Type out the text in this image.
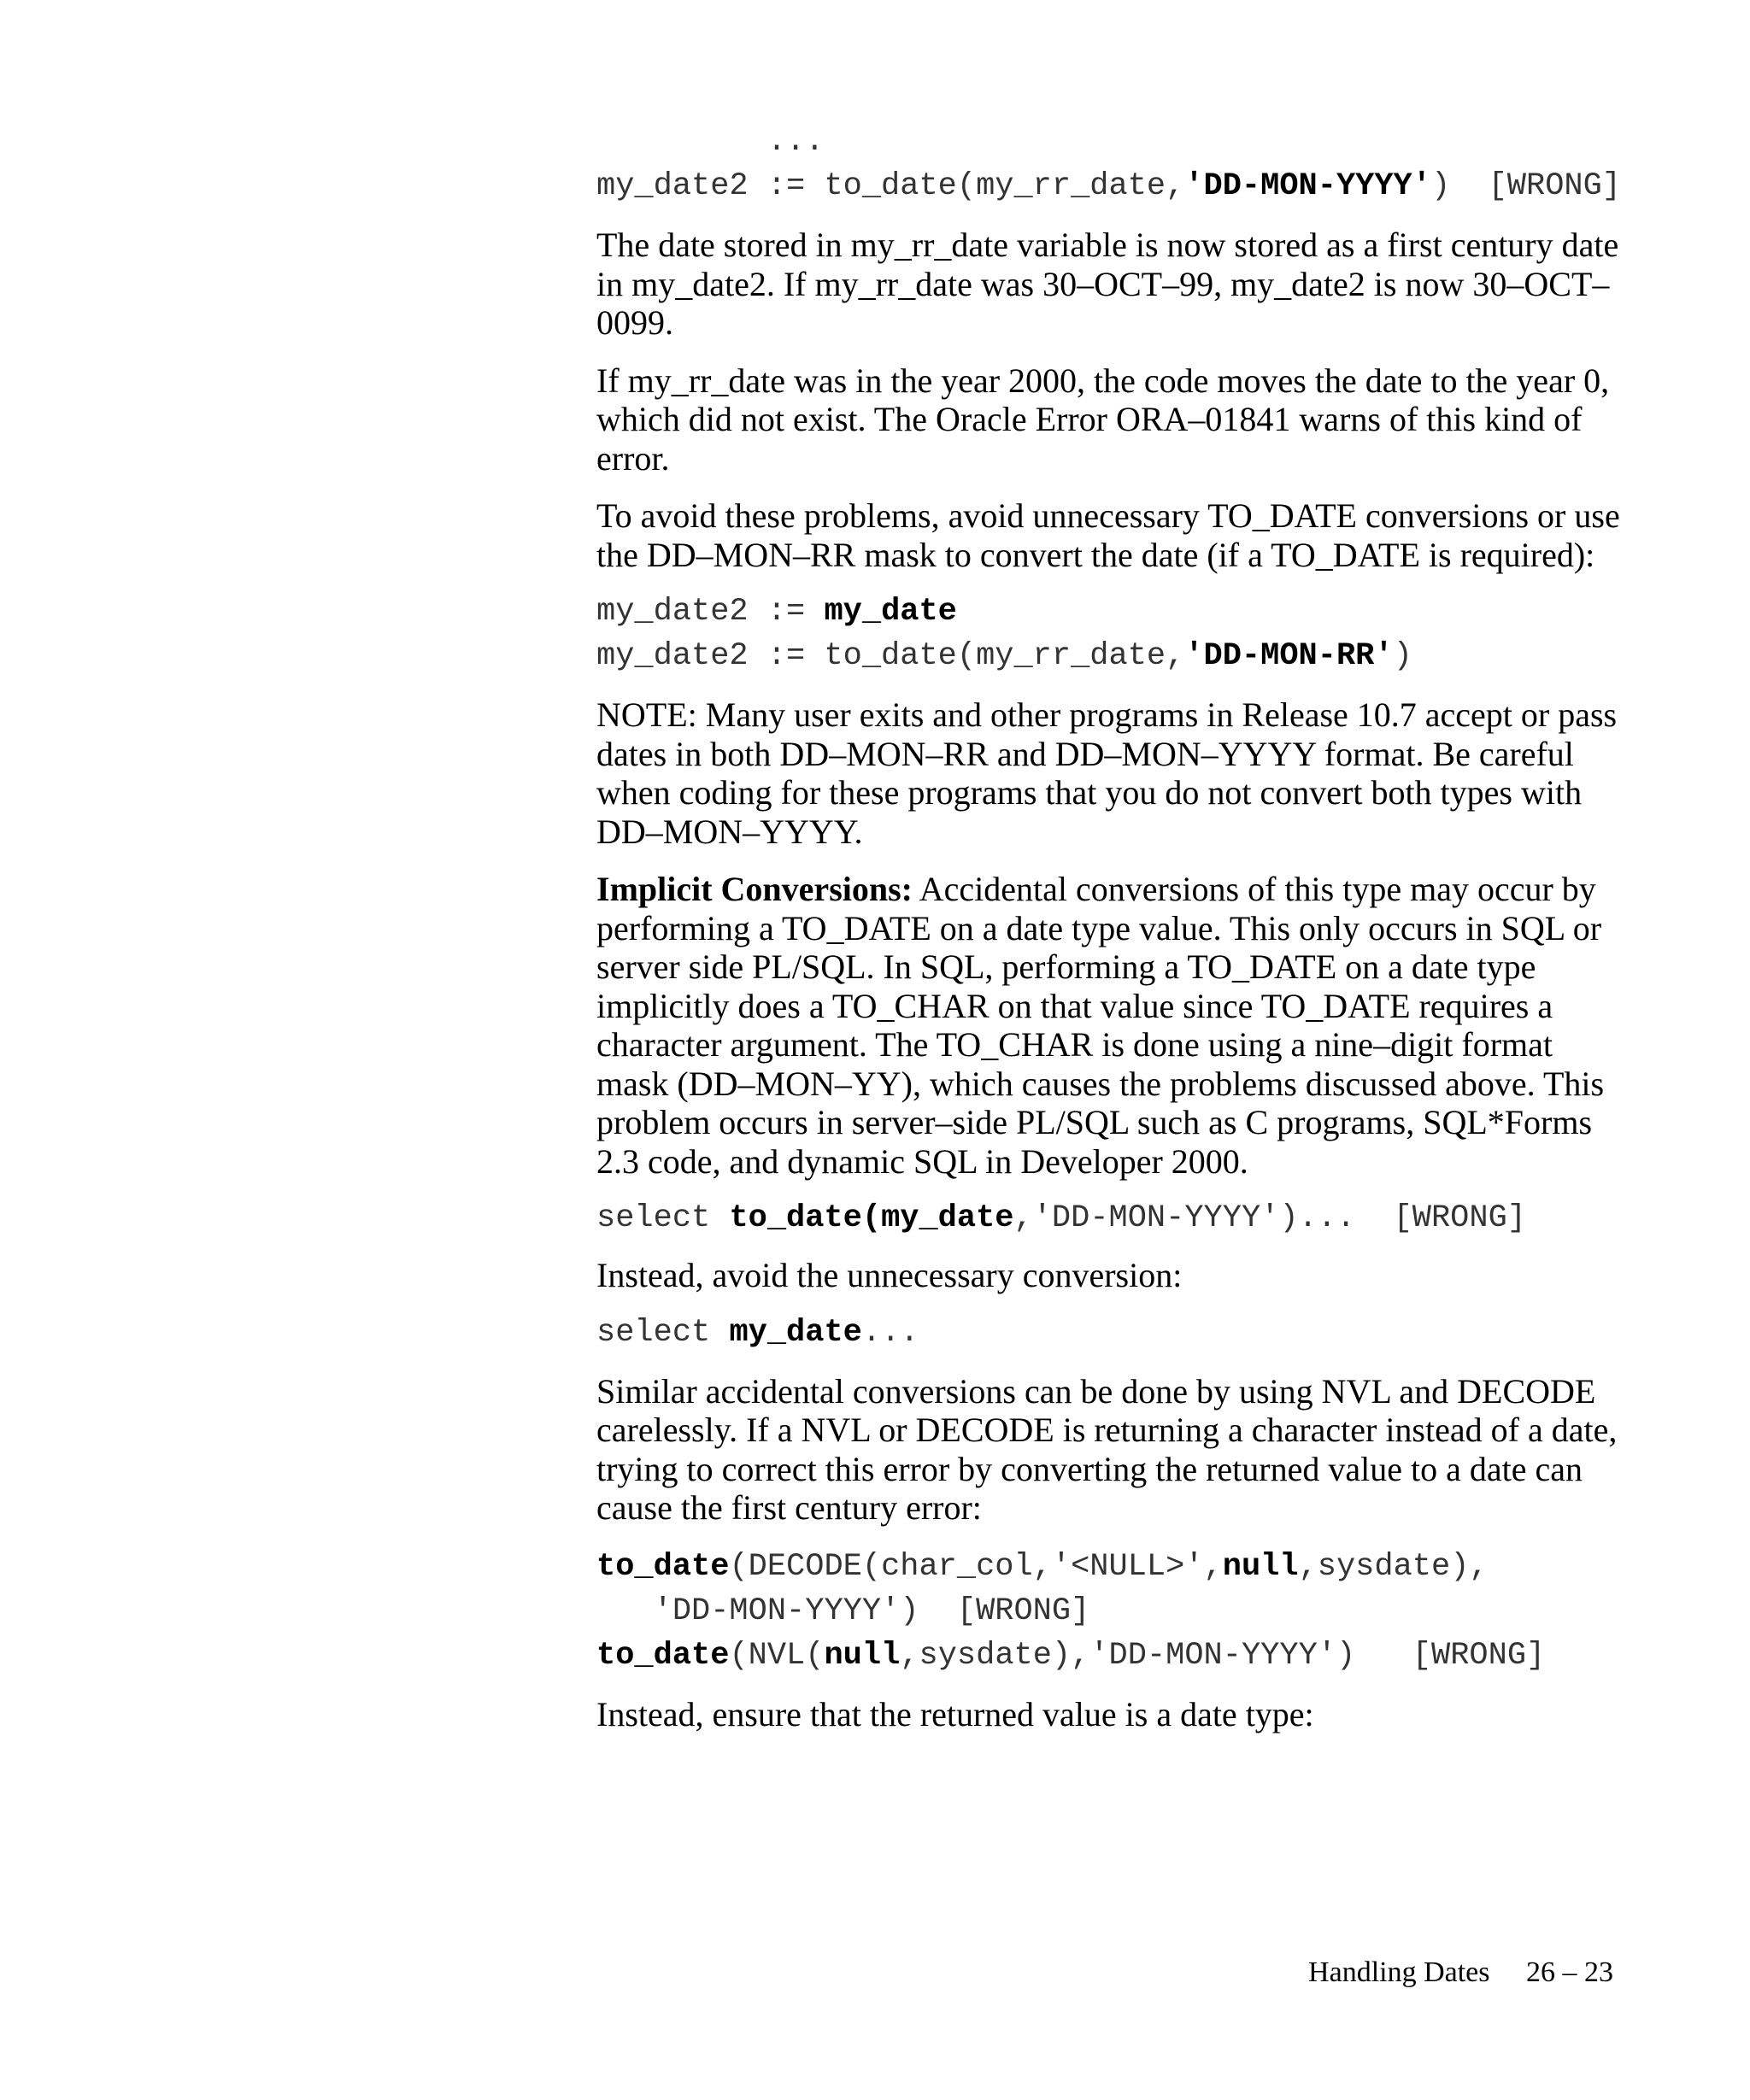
...
my_date2 := to_date(my_rr_date,'DD-MON-YYYY')  [WRONG]

The date stored in my_rr_date variable is now stored as a first century date in my_date2. If my_rr_date was 30–OCT–99, my_date2 is now 30–OCT–0099.

If my_rr_date was in the year 2000, the code moves the date to the year 0, which did not exist. The Oracle Error ORA–01841 warns of this kind of error.

To avoid these problems, avoid unnecessary TO_DATE conversions or use the DD–MON–RR mask to convert the date (if a TO_DATE is required):

my_date2 := my_date
my_date2 := to_date(my_rr_date,'DD-MON-RR')

NOTE: Many user exits and other programs in Release 10.7 accept or pass dates in both DD–MON–RR and DD–MON–YYYY format. Be careful when coding for these programs that you do not convert both types with DD–MON–YYYY.

Implicit Conversions: Accidental conversions of this type may occur by performing a TO_DATE on a date type value. This only occurs in SQL or server side PL/SQL. In SQL, performing a TO_DATE on a date type implicitly does a TO_CHAR on that value since TO_DATE requires a character argument. The TO_CHAR is done using a nine–digit format mask (DD–MON–YY), which causes the problems discussed above. This problem occurs in server–side PL/SQL such as C programs, SQL*Forms 2.3 code, and dynamic SQL in Developer 2000.

select to_date(my_date,'DD-MON-YYYY')...  [WRONG]

Instead, avoid the unnecessary conversion:

select my_date...

Similar accidental conversions can be done by using NVL and DECODE carelessly. If a NVL or DECODE is returning a character instead of a date, trying to correct this error by converting the returned value to a date can cause the first century error:

to_date(DECODE(char_col,'<NULL>',null,sysdate),
'DD-MON-YYYY')  [WRONG]
to_date(NVL(null,sysdate),'DD-MON-YYYY')   [WRONG]

Instead, ensure that the returned value is a date type:

Handling Dates 26 – 23
